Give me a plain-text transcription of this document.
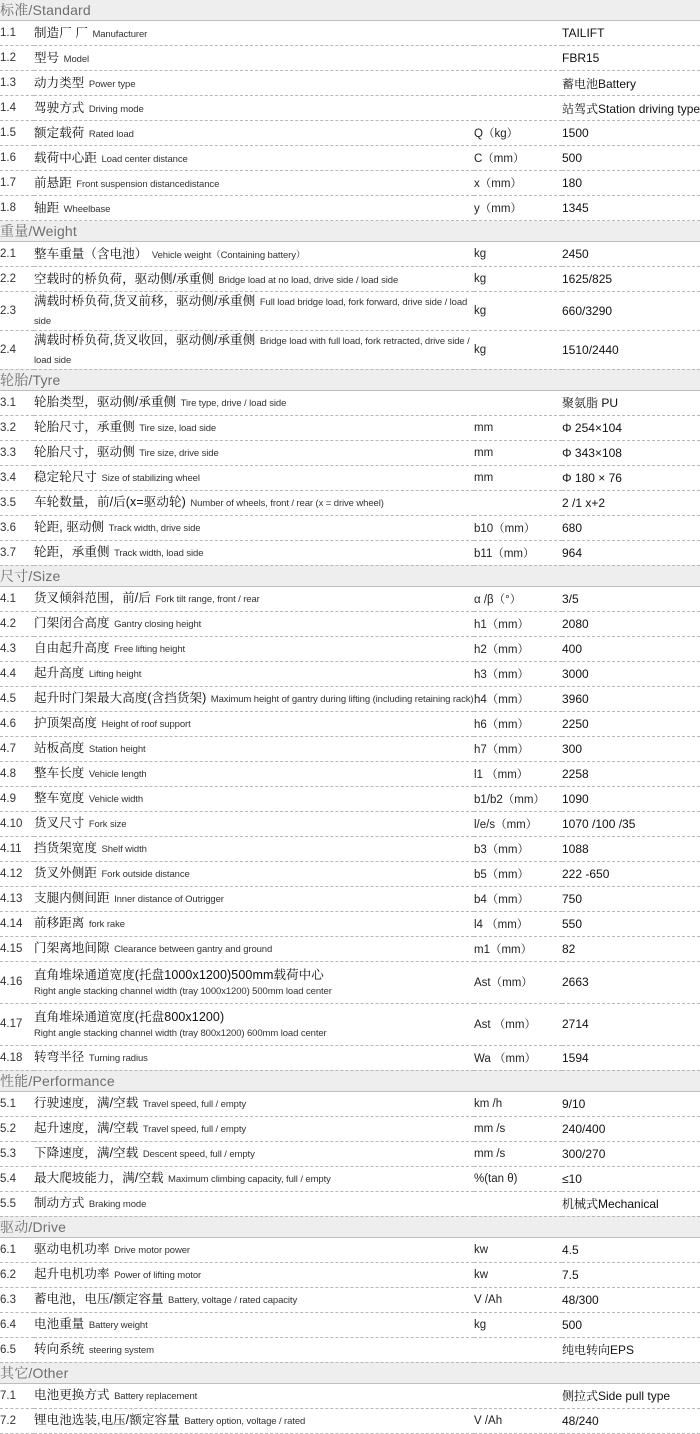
标准/Standard			
1.1	制造厂 厂 Manufacturer		TAILIFT
1.2	型号 Model		FBR15
1.3	动力类型 Power type		蓄电池Battery
1.4	驾驶方式 Driving mode		站驾式Station driving type
1.5	额定载荷 Rated load	Q（kg）	1500
1.6	载荷中心距 Load center distance	C（mm）	500
1.7	前悬距 Front suspension distancedistance	x（mm）	180
1.8	轴距 Wheelbase	y（mm）	1345
重量/Weight			
2.1	整车重量（含电池） Vehicle weight（Containing battery）	kg	2450
2.2	空载时的桥负荷，驱动侧/承重侧 Bridge load at no load, drive side / load side	kg	1625/825
2.3	满载时桥负荷,货叉前移，驱动侧/承重侧 Full load bridge load, fork forward, drive side / load side	kg	660/3290
2.4	满载时桥负荷,货叉收回，驱动侧/承重侧 Bridge load with full load, fork retracted, drive side / load side	kg	1510/2440
轮胎/Tyre			
3.1	轮胎类型，驱动侧/承重侧 Tire type, drive / load side		聚氨脂 PU
3.2	轮胎尺寸，承重侧 Tire size, load side	mm	Φ 254×104
3.3	轮胎尺寸，驱动侧 Tire size, drive side	mm	Φ 343×108
3.4	稳定轮尺寸 Size of stabilizing wheel	mm	Φ 180 × 76
3.5	车轮数量，前/后(x=驱动轮) Number of wheels, front / rear (x = drive wheel)		2 /1 x+2
3.6	轮距, 驱动侧 Track width, drive side	b10（mm）	680
3.7	轮距，承重侧 Track width, load side	b11（mm）	964
尺寸/Size			
4.1	货叉倾斜范围，前/后 Fork tilt range, front / rear	α /β（°）	3/5
4.2	门架闭合高度 Gantry closing height	h1（mm）	2080
4.3	自由起升高度 Free lifting height	h2（mm）	400
4.4	起升高度 Lifting height	h3（mm）	3000
4.5	起升时门架最大高度(含挡货架) Maximum height of gantry during lifting (including retaining rack)	h4（mm）	3960
4.6	护顶架高度 Height of roof support	h6（mm）	2250
4.7	站板高度 Station height	h7（mm）	300
4.8	整车长度 Vehicle length	l1 （mm）	2258
4.9	整车宽度 Vehicle width	b1/b2（mm）	1090
4.10	货叉尺寸 Fork size	l/e/s（mm）	1070 /100 /35
4.11	挡货架宽度 Shelf width	b3（mm）	1088
4.12	货叉外侧距 Fork outside distance	b5（mm）	222 -650
4.13	支腿内侧间距 Inner distance of Outrigger	b4（mm）	750
4.14	前移距离 fork rake	l4 （mm）	550
4.15	门架离地间隙 Clearance between gantry and ground	m1（mm）	82
4.16	直角堆垛通道宽度(托盘1000x1200)500mm载荷中心
Right angle stacking channel width (tray 1000x1200) 500mm load center	Ast（mm）	2663
4.17	直角堆垛通道宽度(托盘800x1200)
Right angle stacking channel width (tray 800x1200) 600mm load center	Ast （mm）	2714
4.18	转弯半径 Turning radius	Wa （mm）	1594
性能/Performance			
5.1	行驶速度，满/空载 Travel speed, full / empty	km /h	9/10
5.2	起升速度，满/空载 Travel speed, full / empty	mm /s	240/400
5.3	下降速度，满/空载 Descent speed, full / empty	mm /s	300/270
5.4	最大爬坡能力，满/空载 Maximum climbing capacity, full / empty	%(tan θ)	≤10
5.5	制动方式 Braking mode		机械式Mechanical
驱动/Drive			
6.1	驱动电机功率 Drive motor power	kw	4.5
6.2	起升电机功率 Power of lifting motor	kw	7.5
6.3	蓄电池，电压/额定容量 Battery, voltage / rated capacity	V /Ah	48/300
6.4	电池重量 Battery weight	kg	500
6.5	转向系统 steering system		纯电转向EPS
其它/Other			
7.1	电池更换方式 Battery replacement		侧拉式Side pull type
7.2	锂电池选装,电压/额定容量 Battery option, voltage / rated	V /Ah	48/240
